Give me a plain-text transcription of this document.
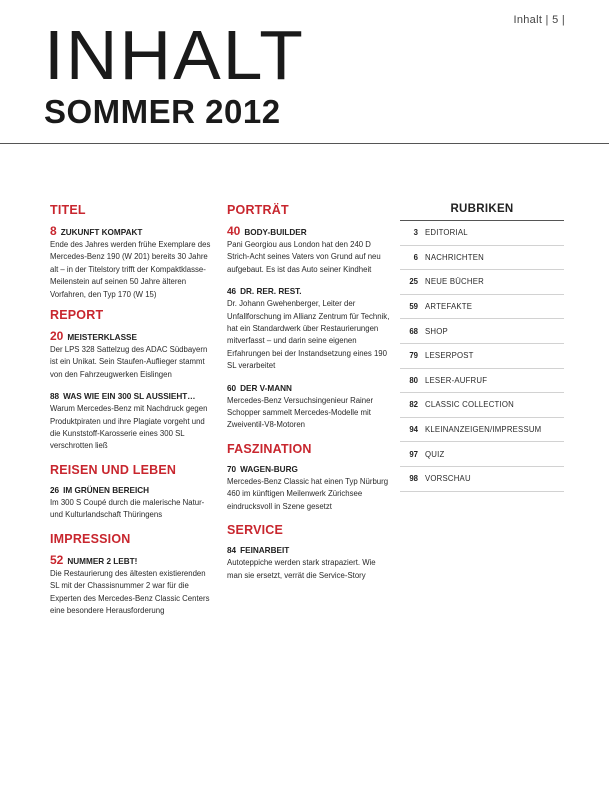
Inhalt | 5 |
INHALT
SOMMER 2012
TITEL
8 ZUKUNFT KOMPAKT
Ende des Jahres werden frühe Exemplare des Mercedes-Benz 190 (W 201) bereits 30 Jahre alt – in der Titelstory trifft der Kompaktklasse-Meilenstein auf seinen 50 Jahre älteren Vorfahren, den Typ 170 (W 15)
REPORT
20 MEISTERKLASSE
Der LPS 328 Sattelzug des ADAC Südbayern ist ein Unikat. Sein Staufen-Auflieger stammt von den Fahrzeugwerken Eislingen
88 WAS WIE EIN 300 SL AUSSIEHT…
Warum Mercedes-Benz mit Nachdruck gegen Produktpiraten und ihre Plagiate vorgeht und die Kunststoff-Karosserie eines 300 SL verschrotten ließ
REISEN UND LEBEN
26 IM GRÜNEN BEREICH
Im 300 S Coupé durch die malerische Natur- und Kulturlandschaft Thüringens
IMPRESSION
52 NUMMER 2 LEBT!
Die Restaurierung des ältesten existierenden SL mit der Chassisnummer 2 war für die Experten des Mercedes-Benz Classic Centers eine besondere Herausforderung
PORTRÄT
40 BODY-BUILDER
Pani Georgiou aus London hat den 240 D Strich-Acht seines Vaters von Grund auf neu aufgebaut. Es ist das Auto seiner Kindheit
46 DR. RER. REST.
Dr. Johann Gwehenberger, Leiter der Unfallforschung im Allianz Zentrum für Technik, hat ein Standardwerk über Restaurierungen mitverfasst – und darin seine eigenen Erfahrungen bei der Instandsetzung eines 190 SL verarbeitet
60 DER V-MANN
Mercedes-Benz Versuchsingenieur Rainer Schopper sammelt Mercedes-Modelle mit Zweiventil-V8-Motoren
FASZINATION
70 WAGEN-BURG
Mercedes-Benz Classic hat einen Typ Nürburg 460 im künftigen Meilenwerk Zürichsee eindrucksvoll in Szene gesetzt
SERVICE
84 FEINARBEIT
Autoteppiche werden stark strapaziert. Wie man sie ersetzt, verrät die Service-Story
RUBRIKEN
3 EDITORIAL
6 NACHRICHTEN
25 NEUE BÜCHER
59 ARTEFAKTE
68 SHOP
79 LESERPOST
80 LESER-AUFRUF
82 CLASSIC COLLECTION
94 KLEINANZEIGEN/IMPRESSUM
97 QUIZ
98 VORSCHAU
